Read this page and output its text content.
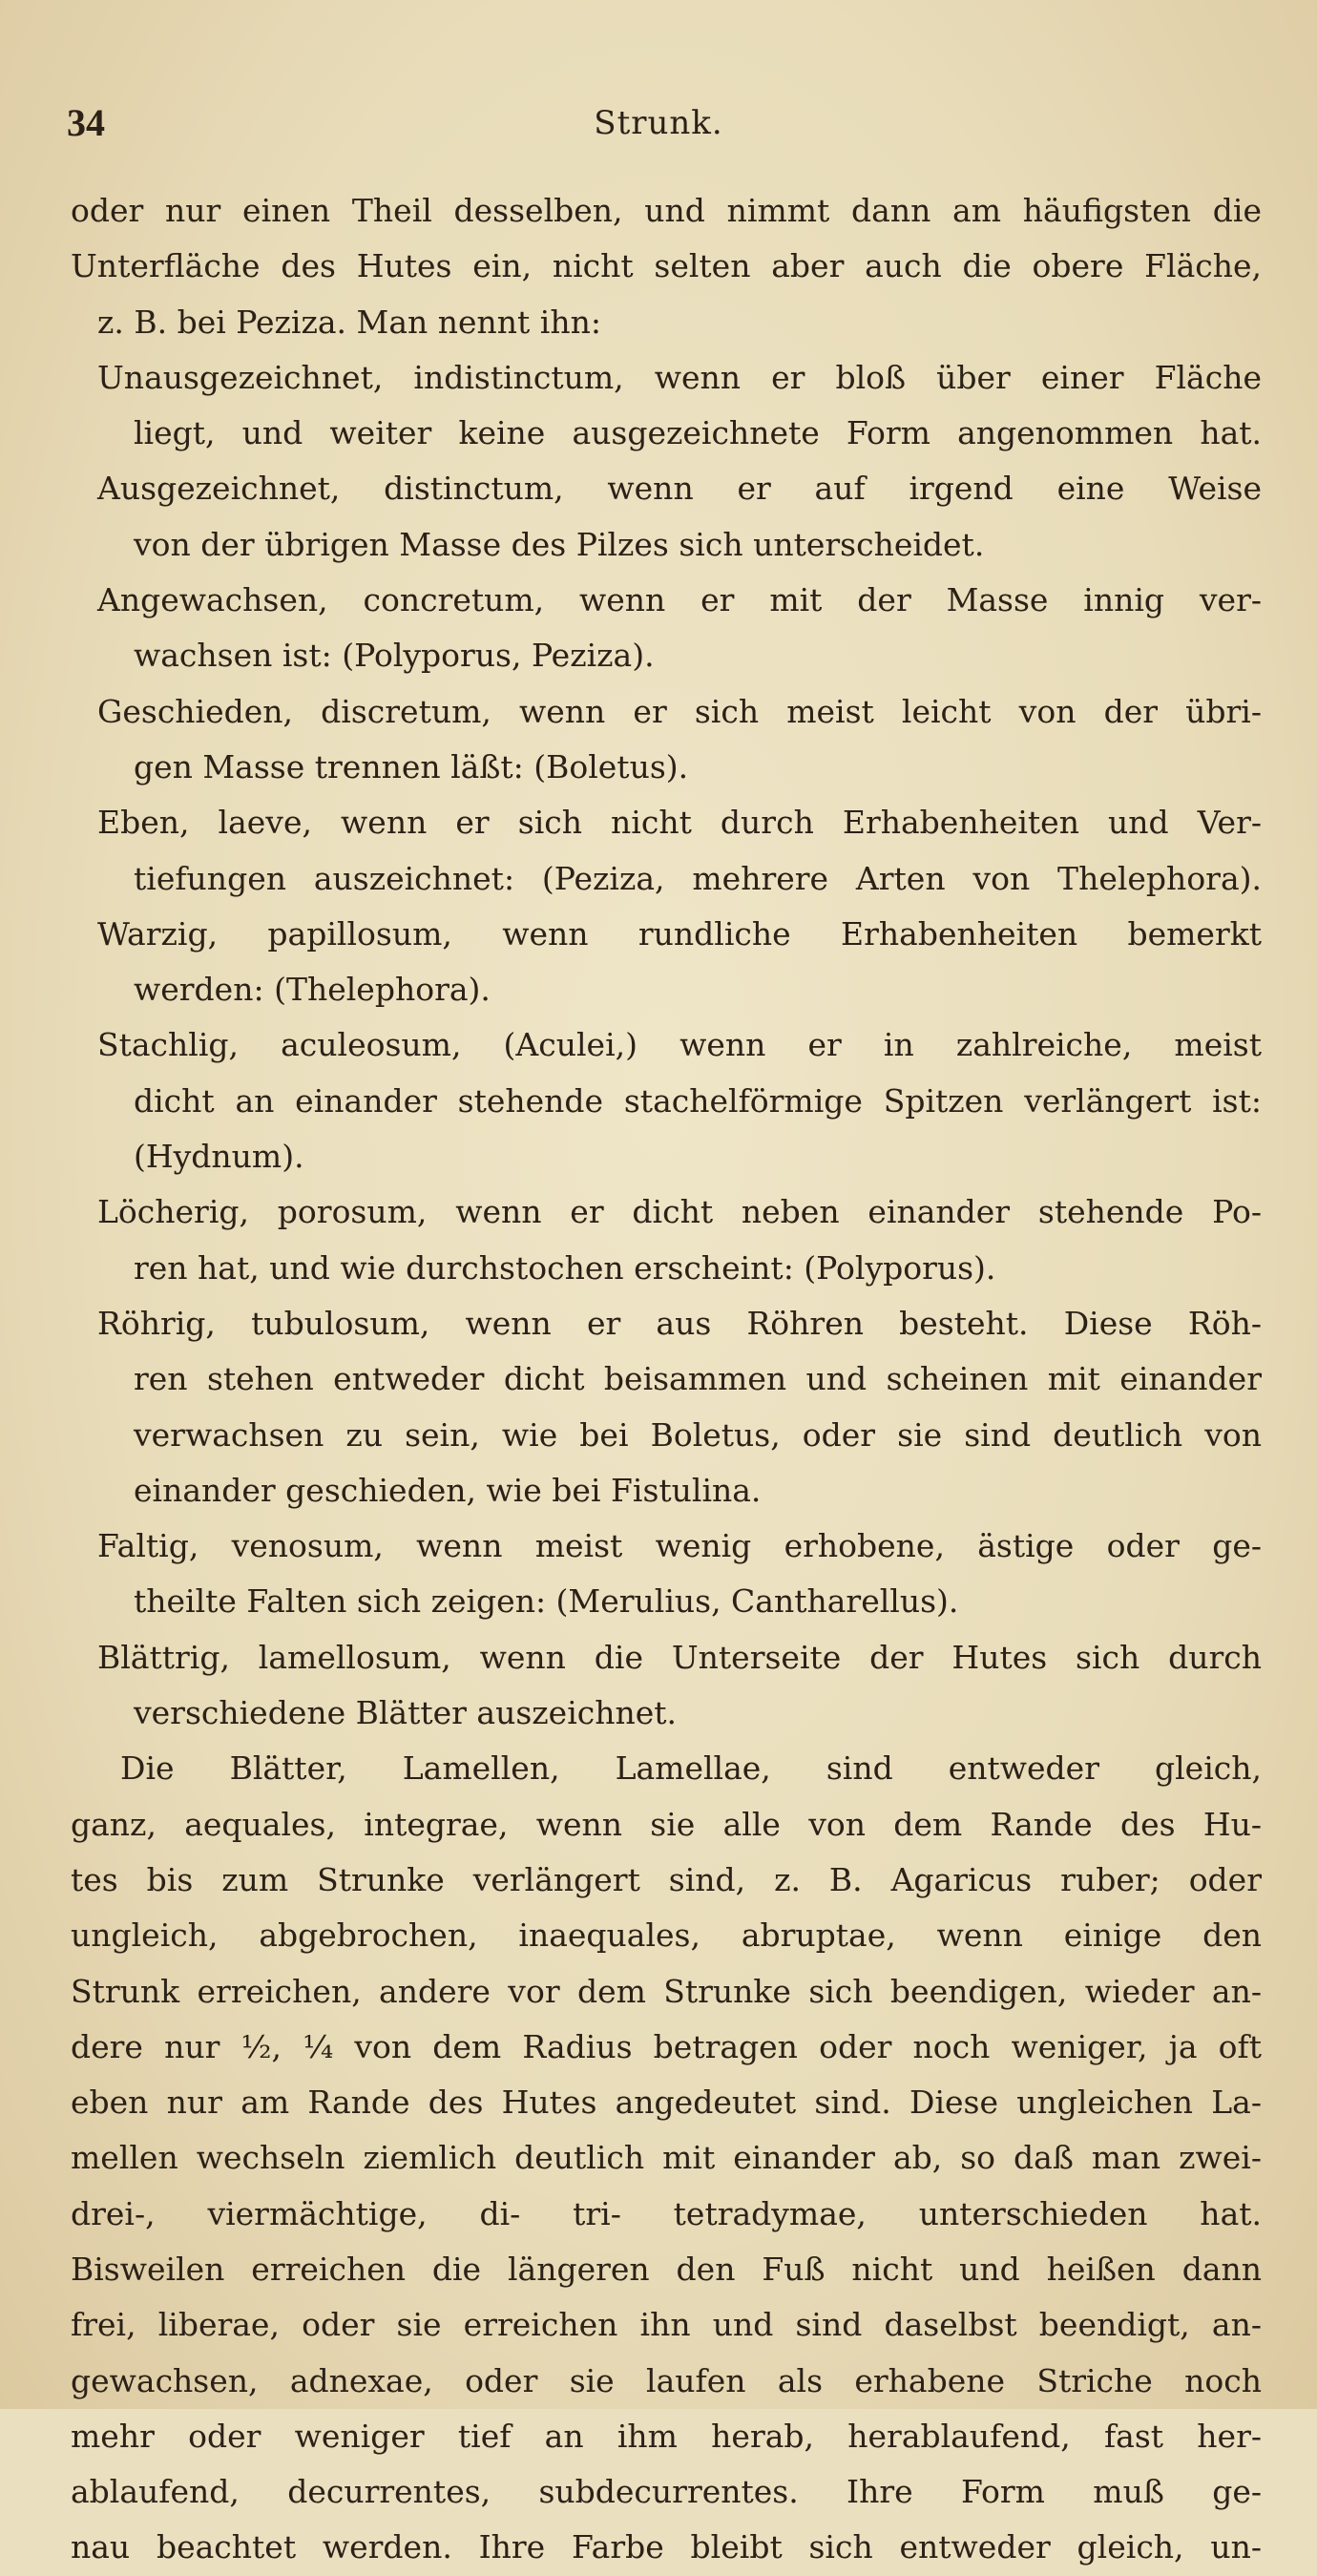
34	Strunk.
oder nur einen Theil desselben, und nimmt dann am häufigsten die
Unterfläche des Hutes ein, nicht selten aber auch die obere Fläche,
z. B. bei Peziza. Man nennt ihn:
Unausgezeichnet, indistinctum, wenn er bloß über einer Fläche
liegt, und weiter keine ausgezeichnete Form angenommen hat.
Ausgezeichnet, distinctum, wenn er auf irgend eine Weise
von der übrigen Masse des Pilzes sich unterscheidet.
Angewachsen, concretum, wenn er mit der Masse innig ver-
wachsen ist: (Polyporus, Peziza).
Geschieden, discretum, wenn er sich meist leicht von der übri-
gen Masse trennen läßt: (Boletus).
Eben, laeve, wenn er sich nicht durch Erhabenheiten und Ver-
tiefungen auszeichnet: (Peziza, mehrere Arten von Thelephora).
Warzig, papillosum, wenn rundliche Erhabenheiten bemerkt
werden: (Thelephora).
Stachlig, aculeosum, (Aculei,) wenn er in zahlreiche, meist
dicht an einander stehende stachelförmige Spitzen verlängert ist:
(Hydnum).
Löcherig, porosum, wenn er dicht neben einander stehende Po-
ren hat, und wie durchstochen erscheint: (Polyporus).
Röhrig, tubulosum, wenn er aus Röhren besteht. Diese Röh-
ren stehen entweder dicht beisammen und scheinen mit einander
verwachsen zu sein, wie bei Boletus, oder sie sind deutlich von
einander geschieden, wie bei Fistulina.
Faltig, venosum, wenn meist wenig erhobene, ästige oder ge-
theilte Falten sich zeigen: (Merulius, Cantharellus).
Blättrig, lamellosum, wenn die Unterseite der Hutes sich durch
verschiedene Blätter auszeichnet.
Die Blätter, Lamellen, Lamellae, sind entweder gleich,
ganz, aequales, integrae, wenn sie alle von dem Rande des Hu-
tes bis zum Strunke verlängert sind, z. B. Agaricus ruber; oder
ungleich, abgebrochen, inaequales, abruptae, wenn einige den
Strunk erreichen, andere vor dem Strunke sich beendigen, wieder an-
dere nur ½, ¼ von dem Radius betragen oder noch weniger, ja oft
eben nur am Rande des Hutes angedeutet sind. Diese ungleichen La-
mellen wechseln ziemlich deutlich mit einander ab, so daß man zwei-
drei-, viermächtige, di- tri- tetradymae, unterschieden hat.
Bisweilen erreichen die längeren den Fuß nicht und heißen dann
frei, liberae, oder sie erreichen ihn und sind daselbst beendigt, an-
gewachsen, adnexae, oder sie laufen als erhabene Striche noch
mehr oder weniger tief an ihm herab, herablaufend, fast her-
ablaufend, decurrentes, subdecurrentes. Ihre Form muß ge-
nau beachtet werden. Ihre Farbe bleibt sich entweder gleich, un-
